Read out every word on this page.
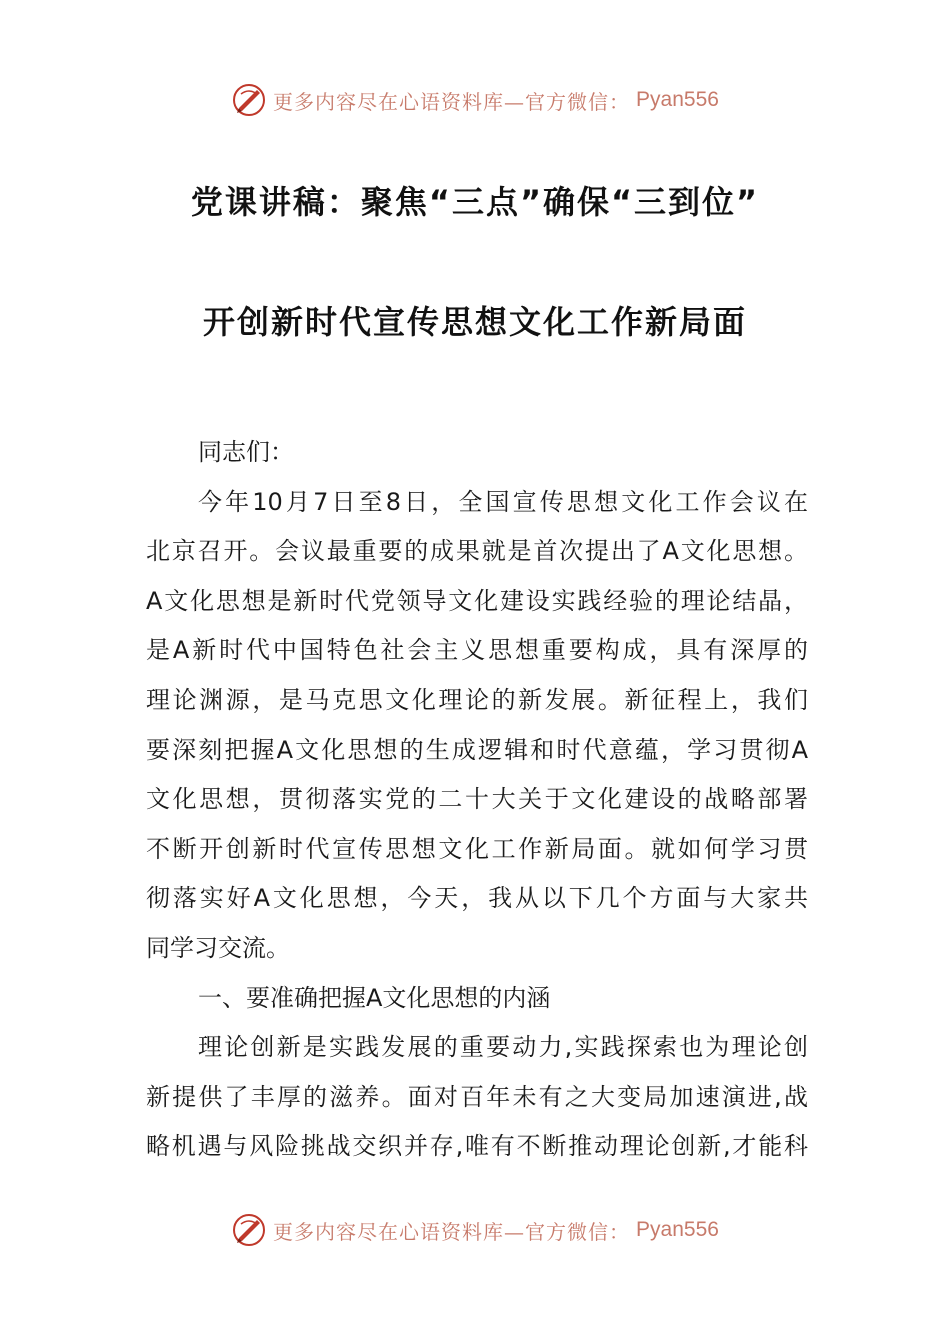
更多内容尽在心语资料库—官方微信： Pyan556
党课讲稿：聚焦“三点”确保“三到位”
开创新时代宣传思想文化工作新局面
同志们：
今年10月7日至8日，全国宣传思想文化工作会议在
北京召开。会议最重要的成果就是首次提出了A文化思想。
A文化思想是新时代党领导文化建设实践经验的理论结晶，
是A新时代中国特色社会主义思想重要构成，具有深厚的
理论渊源，是马克思文化理论的新发展。新征程上，我们
要深刻把握A文化思想的生成逻辑和时代意蕴，学习贯彻A
文化思想，贯彻落实党的二十大关于文化建设的战略部署
不断开创新时代宣传思想文化工作新局面。就如何学习贯
彻落实好A文化思想，今天，我从以下几个方面与大家共
同学习交流。
一、要准确把握A文化思想的内涵
理论创新是实践发展的重要动力,实践探索也为理论创
新提供了丰厚的滋养。面对百年未有之大变局加速演进,战
略机遇与风险挑战交织并存,唯有不断推动理论创新,才能科
更多内容尽在心语资料库—官方微信： Pyan556
